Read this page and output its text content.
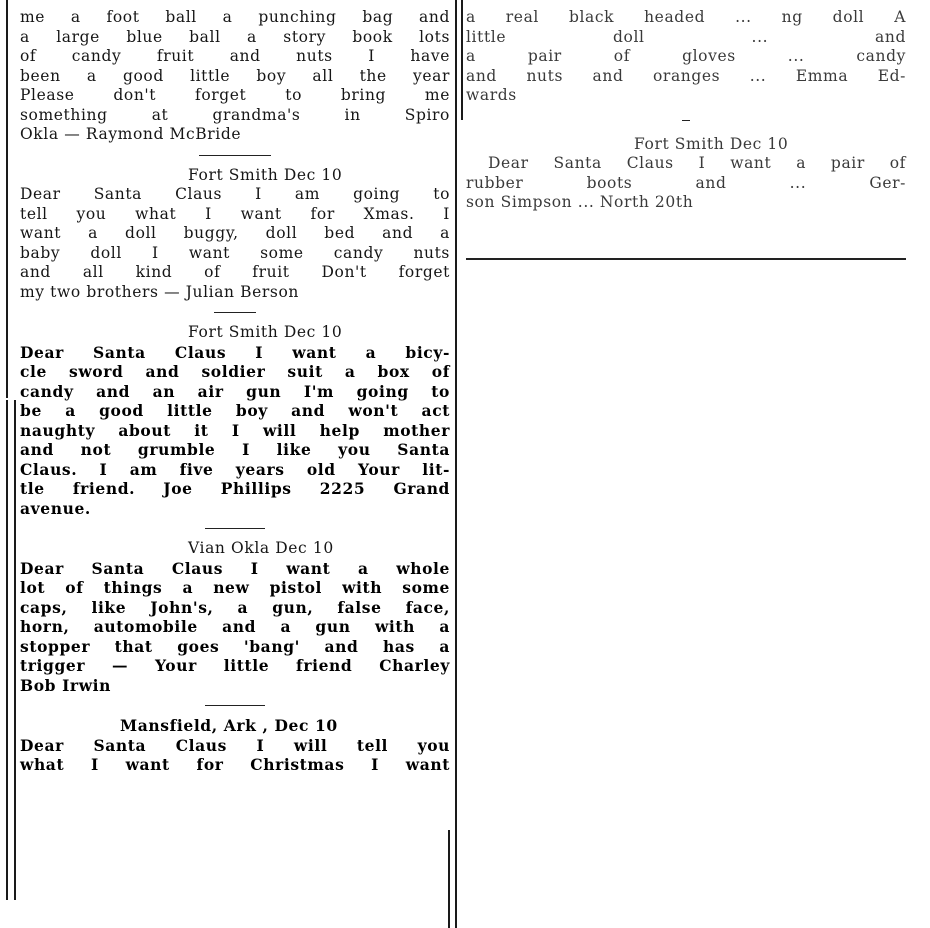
me a foot ball a punching bag and
a large blue ball a story book lots
of candy fruit and nuts I have
been a good little boy all the year
Please don't forget to bring me
something at grandma's in Spiro
Okla — Raymond McBride
Fort Smith Dec 10
Dear Santa Claus I am going to
tell you what I want for Xmas. I
want a doll buggy, doll bed and a
baby doll I want some candy nuts
and all kind of fruit Don't forget
my two brothers — Julian Berson
Fort Smith Dec 10
Dear Santa Claus I want a bicy-
cle sword and soldier suit a box of
candy and an air gun I'm going to
be a good little boy and won't act
naughty about it I will help mother
and not grumble I like you Santa
Claus. I am five years old Your lit-
tle friend. Joe Phillips 2225 Grand
avenue.
Vian Okla Dec 10
Dear Santa Claus I want a whole
lot of things a new pistol with some
caps, like John's, a gun, false face,
horn, automobile and a gun with a
stopper that goes 'bang' and has a
trigger — Your little friend Charley
Bob Irwin
Mansfield, Ark , Dec 10
Dear Santa Claus I will tell you
what I want for Christmas I want
a real black headed ... ng doll A
little doll ... and
a pair of gloves ... candy
and nuts and oranges ... Emma Ed-
wards
Fort Smith Dec 10
Dear Santa Claus I want a pair of
rubber boots and ... Ger-
son Simpson ... North 20th
